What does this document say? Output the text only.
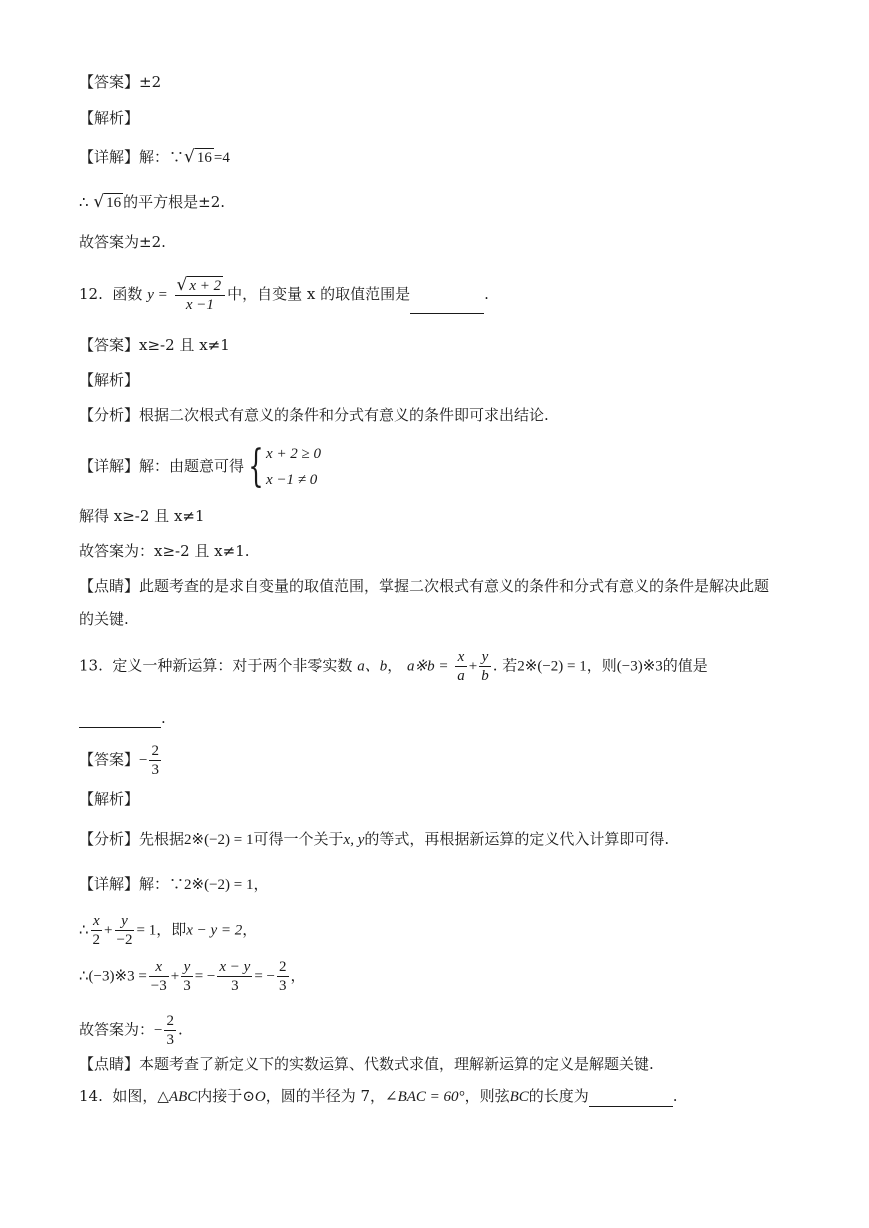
【答案】±2
【解析】
【详解】解：∵√ 16 =4
∴ √ 16 的平方根是±2.
故答案为±2.
12. 函数 $y = \frac{√ x + 2}{x -1}$ 中，自变量 x 的取值范围是	.
【答案】x≥-2 且 x≠1
【解析】
【分析】根据二次根式有意义的条件和分式有意义的条件即可求出结论.
【详解】解：由题意可得{ x + 2 ≥ 0
x −1 ≠ 0
解得 x≥-2 且 x≠1
故答案为：x≥-2 且 x≠1.
【点睛】此题考查的是求自变量的取值范围，掌握二次根式有意义的条件和分式有意义的条件是解决此题
的关键.
13. 定义一种新运算：对于两个非零实数 a、b， a※b = $\frac{x}{a} + \frac{y}{b}$ . 若2※(−2) = 1，则(−3)※3的值是
.
【答案】− $\frac{2}{3}$
【解析】
【分析】先根据2※(−2) = 1可得一个关于x, y的等式，再根据新运算的定义代入计算即可得.
【详解】解：∵2※(−2) = 1，
∴ $\frac{x}{2} + \frac{y}{-2} = 1$，即x − y = 2，
∴(−3)※3 = $\frac{x}{-3} + \frac{y}{3}$ = − $\frac{x - y}{3}$ = − $\frac{2}{3}$ ，
故答案为：− $\frac{2}{3}$ .
【点睛】本题考查了新定义下的实数运算、代数式求值，理解新运算的定义是解题关键.
14. 如图，△ABC内接于⊙O，圆的半径为 7，∠BAC = 60°，则弦BC的长度为	.
